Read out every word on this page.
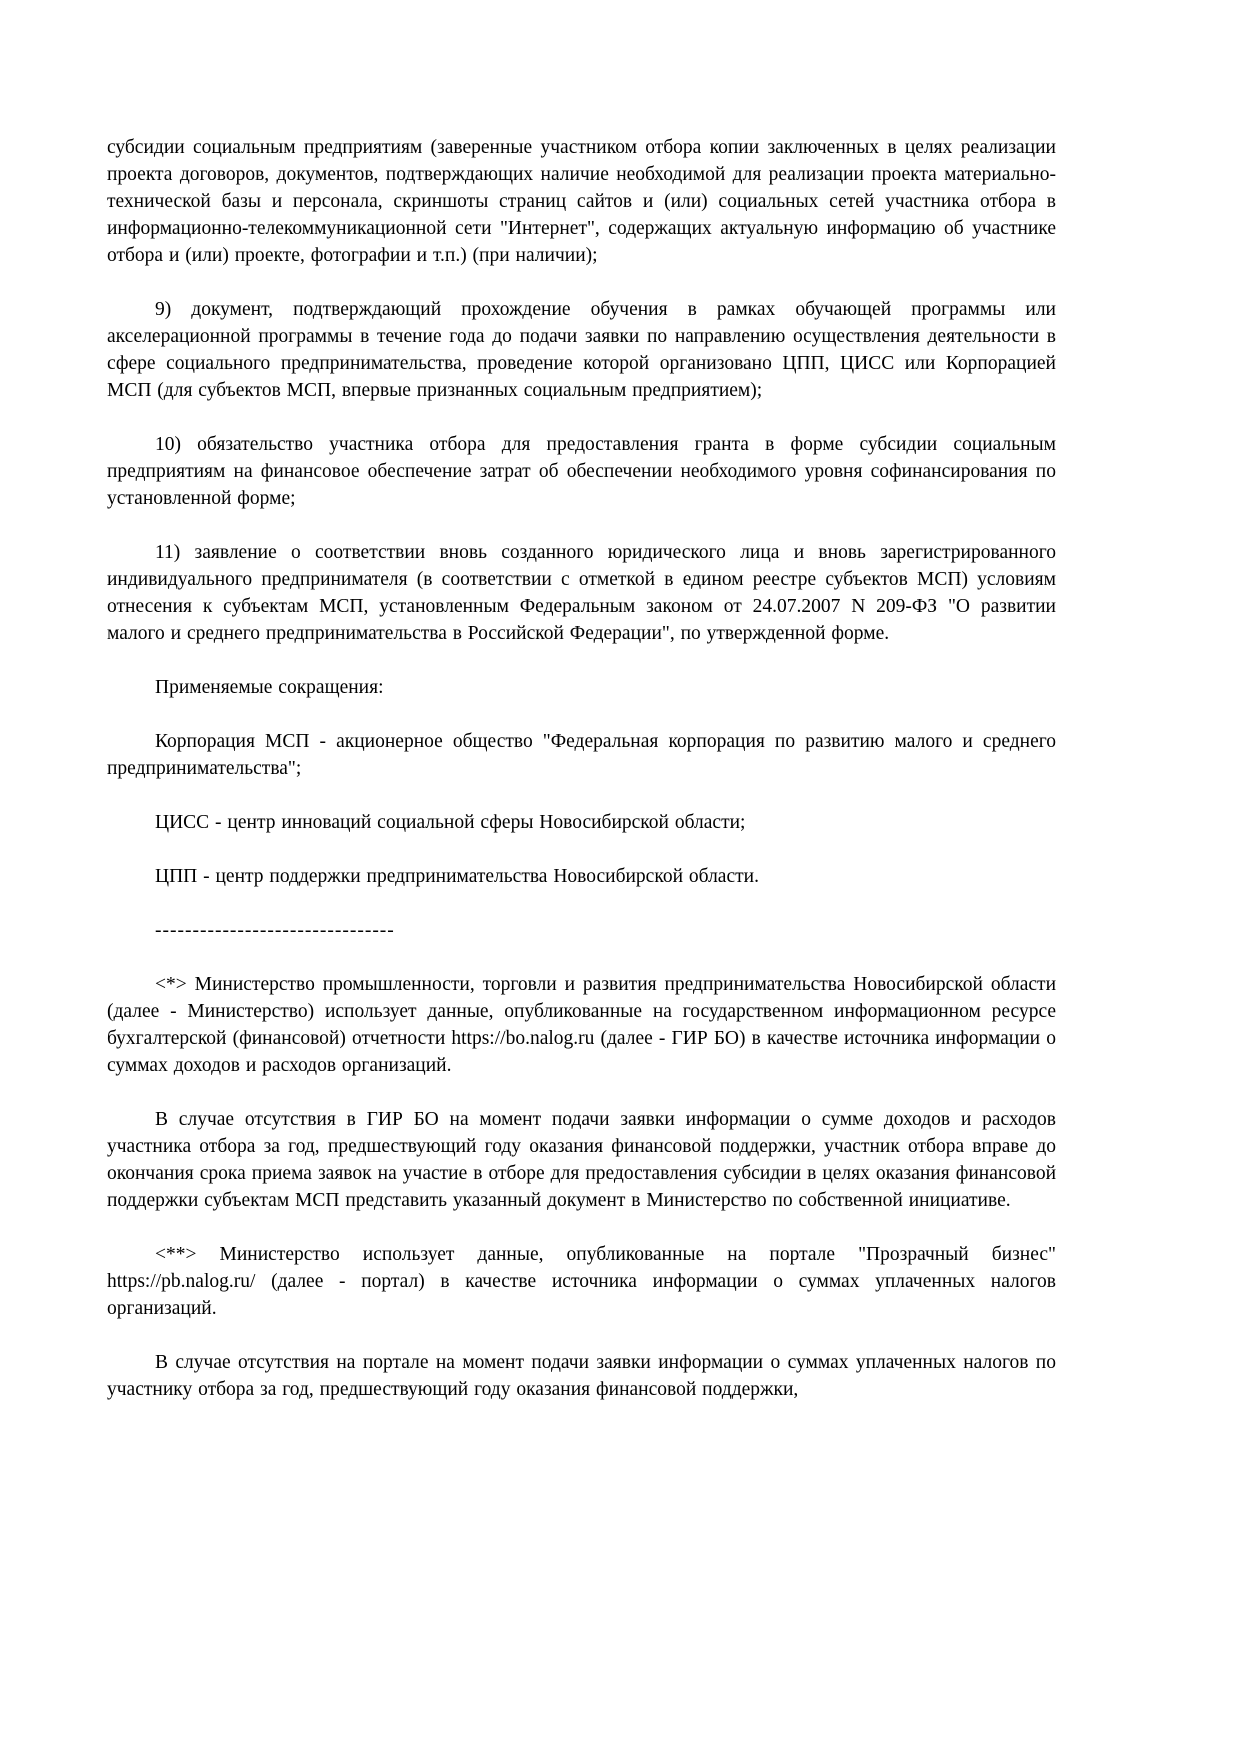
субсидии социальным предприятиям (заверенные участником отбора копии заключенных в целях реализации проекта договоров, документов, подтверждающих наличие необходимой для реализации проекта материально-технической базы и персонала, скриншоты страниц сайтов и (или) социальных сетей участника отбора в информационно-телекоммуникационной сети "Интернет", содержащих актуальную информацию об участнике отбора и (или) проекте, фотографии и т.п.) (при наличии);

9) документ, подтверждающий прохождение обучения в рамках обучающей программы или акселерационной программы в течение года до подачи заявки по направлению осуществления деятельности в сфере социального предпринимательства, проведение которой организовано ЦПП, ЦИСС или Корпорацией МСП (для субъектов МСП, впервые признанных социальным предприятием);

10) обязательство участника отбора для предоставления гранта в форме субсидии социальным предприятиям на финансовое обеспечение затрат об обеспечении необходимого уровня софинансирования по установленной форме;

11) заявление о соответствии вновь созданного юридического лица и вновь зарегистрированного индивидуального предпринимателя (в соответствии с отметкой в едином реестре субъектов МСП) условиям отнесения к субъектам МСП, установленным Федеральным законом от 24.07.2007 N 209-ФЗ "О развитии малого и среднего предпринимательства в Российской Федерации", по утвержденной форме.

Применяемые сокращения:

Корпорация МСП - акционерное общество "Федеральная корпорация по развитию малого и среднего предпринимательства";

ЦИСС - центр инноваций социальной сферы Новосибирской области;

ЦПП - центр поддержки предпринимательства Новосибирской области.

--------------------------------

<*> Министерство промышленности, торговли и развития предпринимательства Новосибирской области (далее - Министерство) использует данные, опубликованные на государственном информационном ресурсе бухгалтерской (финансовой) отчетности https://bo.nalog.ru (далее - ГИР БО) в качестве источника информации о суммах доходов и расходов организаций.

В случае отсутствия в ГИР БО на момент подачи заявки информации о сумме доходов и расходов участника отбора за год, предшествующий году оказания финансовой поддержки, участник отбора вправе до окончания срока приема заявок на участие в отборе для предоставления субсидии в целях оказания финансовой поддержки субъектам МСП представить указанный документ в Министерство по собственной инициативе.

<**> Министерство использует данные, опубликованные на портале "Прозрачный бизнес" https://pb.nalog.ru/ (далее - портал) в качестве источника информации о суммах уплаченных налогов организаций.

В случае отсутствия на портале на момент подачи заявки информации о суммах уплаченных налогов по участнику отбора за год, предшествующий году оказания финансовой поддержки,
